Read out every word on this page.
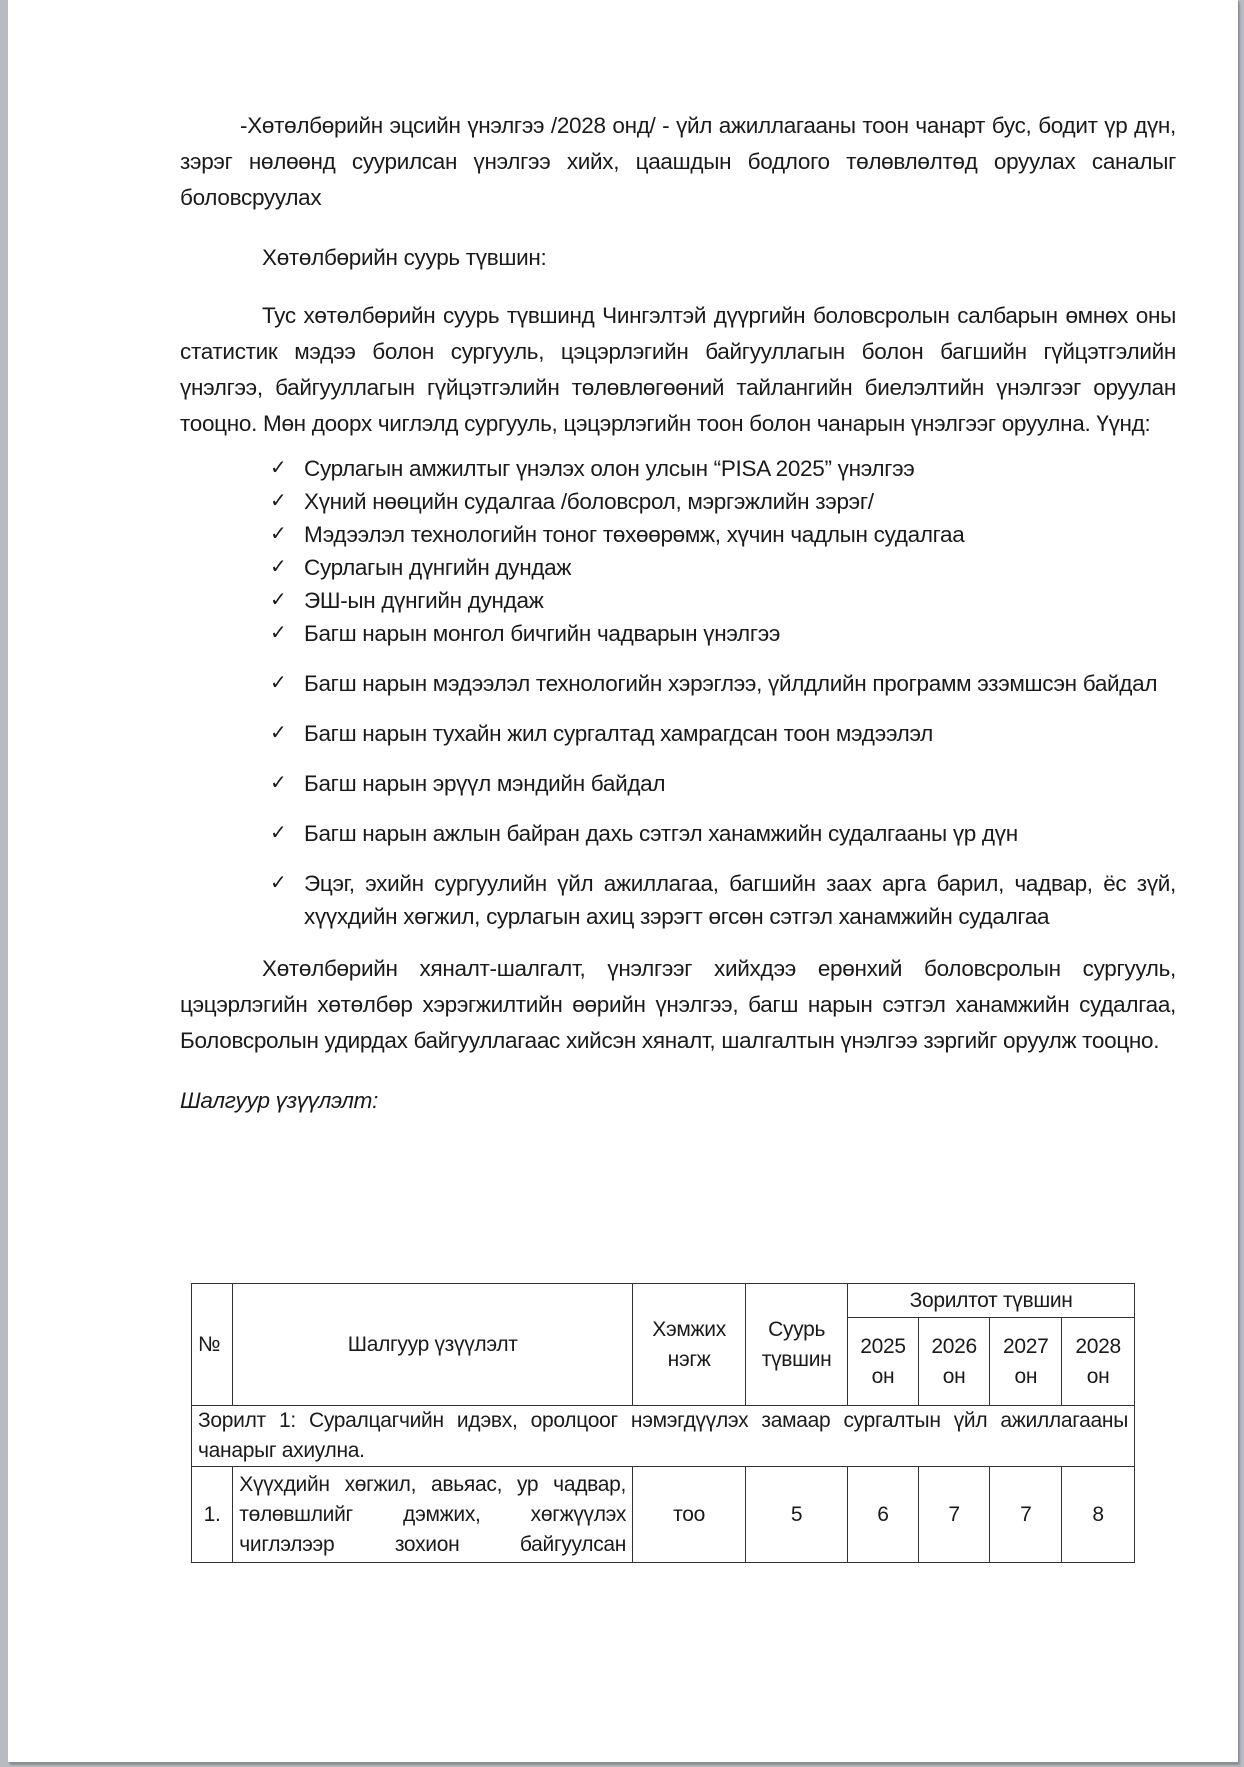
-Хөтөлбөрийн эцсийн үнэлгээ /2028 онд/ - үйл ажиллагааны тоон чанарт бус, бодит үр дүн, зэрэг нөлөөнд суурилсан үнэлгээ хийх, цаашдын бодлого төлөвлөлтөд оруулах саналыг боловсруулах

Хөтөлбөрийн суурь түвшин:

Тус хөтөлбөрийн суурь түвшинд Чингэлтэй дүүргийн боловсролын салбарын өмнөх оны статистик мэдээ болон сургууль, цэцэрлэгийн байгууллагын болон багшийн гүйцэтгэлийн үнэлгээ, байгууллагын гүйцэтгэлийн төлөвлөгөөний тайлангийн биелэлтийн үнэлгээг оруулан тооцно. Мөн доорх чиглэлд сургууль, цэцэрлэгийн тоон болон чанарын үнэлгээг оруулна. Үүнд:

✓ Сурлагын амжилтыг үнэлэх олон улсын “PISA 2025” үнэлгээ
✓ Хүний нөөцийн судалгаа /боловсрол, мэргэжлийн зэрэг/
✓ Мэдээлэл технологийн тоног төхөөрөмж, хүчин чадлын судалгаа
✓ Сурлагын дүнгийн дундаж
✓ ЭШ-ын дүнгийн дундаж
✓ Багш нарын монгол бичгийн чадварын үнэлгээ
✓ Багш нарын мэдээлэл технологийн хэрэглээ, үйлдлийн программ эзэмшсэн байдал
✓ Багш нарын тухайн жил сургалтад хамрагдсан тоон мэдээлэл
✓ Багш нарын эрүүл мэндийн байдал
✓ Багш нарын ажлын байран дахь сэтгэл ханамжийн судалгааны үр дүн
✓ Эцэг, эхийн сургуулийн үйл ажиллагаа, багшийн заах арга барил, чадвар, ёс зүй, хүүхдийн хөгжил, сурлагын ахиц зэрэгт өгсөн сэтгэл ханамжийн судалгаа

Хөтөлбөрийн хяналт-шалгалт, үнэлгээг хийхдээ ерөнхий боловсролын сургууль, цэцэрлэгийн хөтөлбөр хэрэгжилтийн өөрийн үнэлгээ, багш нарын сэтгэл ханамжийн судалгаа, Боловсролын удирдах байгууллагаас хийсэн хяналт, шалгалтын үнэлгээ зэргийг оруулж тооцно.

Шалгуур үзүүлэлт:

№	Шалгуур үзүүлэлт	Хэмжих нэгж	Суурь түвшин	Зорилтот түвшин			
				2025 он	2026 он	2027 он	2028 он
Зорилт 1: Суралцагчийн идэвх, оролцоог нэмэгдүүлэх замаар сургалтын үйл ажиллагааны чанарыг ахиулна.							
1.	Хүүхдийн хөгжил, авьяас, ур чадвар, төлөвшлийг дэмжих, хөгжүүлэх чиглэлээр зохион байгуулсан	тоо	5	6	7	7	8
